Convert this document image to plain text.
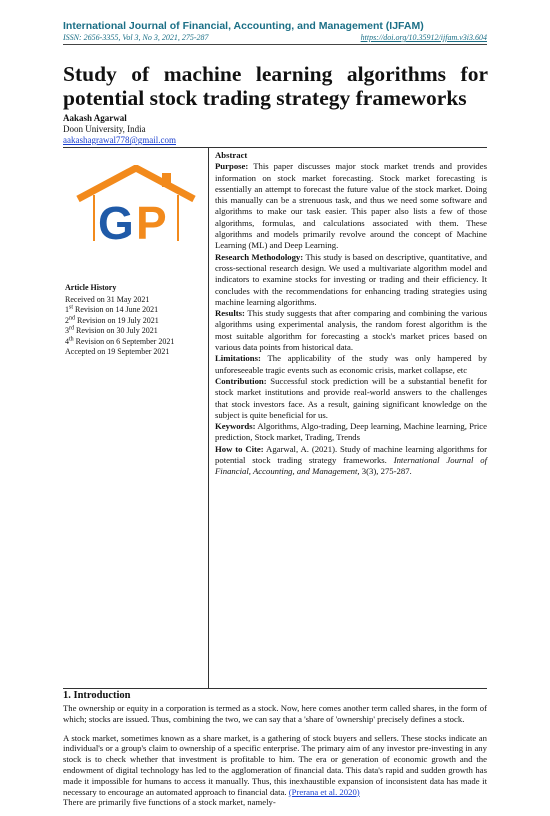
International Journal of Financial, Accounting, and Management (IJFAM)
ISSN: 2656-3355, Vol 3, No 3, 2021, 275-287	https://doi.org/10.35912/ijfam.v3i3.604
Study of machine learning algorithms for potential stock trading strategy frameworks
Aakash Agarwal
Doon University, India
aakashagrawal778@gmail.com
G P
Article History
Received on 31 May 2021
1st Revision on 14 June 2021
2nd Revision on 19 July 2021
3rd Revision on 30 July 2021
4th Revision on 6 September 2021
Accepted on 19 September 2021
Abstract

Purpose: This paper discusses major stock market trends and provides information on stock market forecasting. Stock market forecasting is essentially an attempt to forecast the future value of the stock market. Doing this manually can be a strenuous task, and thus we need some software and algorithms to make our task easier. This paper also lists a few of those algorithms, formulas, and calculations associated with them. These algorithms and models primarily revolve around the concept of Machine Learning (ML) and Deep Learning.

Research Methodology: This study is based on descriptive, quantitative, and cross-sectional research design. We used a multivariate algorithm model and indicators to examine stocks for investing or trading and their efficiency. It concludes with the recommendations for enhancing trading strategies using machine learning algorithms.

Results: This study suggests that after comparing and combining the various algorithms using experimental analysis, the random forest algorithm is the most suitable algorithm for forecasting a stock's market prices based on various data points from historical data.

Limitations: The applicability of the study was only hampered by unforeseeable tragic events such as economic crisis, market collapse, etc

Contribution: Successful stock prediction will be a substantial benefit for stock market institutions and provide real-world answers to the challenges that stock investors face. As a result, gaining significant knowledge on the subject is quite beneficial for us.

Keywords: Algorithms, Algo-trading, Deep learning, Machine learning, Price prediction, Stock market, Trading, Trends

How to Cite: Agarwal, A. (2021). Study of machine learning algorithms for potential stock trading strategy frameworks. International Journal of Financial, Accounting, and Management, 3(3), 275-287.

1. Introduction

The ownership or equity in a corporation is termed as a stock. Now, here comes another term called shares, in the form of which; stocks are issued. Thus, combining the two, we can say that a 'share of 'ownership' precisely defines a stock.

A stock market, sometimes known as a share market, is a gathering of stock buyers and sellers. These stocks indicate an individual's or a group's claim to ownership of a specific enterprise. The primary aim of any investor pre-investing in any stock is to check whether that investment is profitable to him. The era or generation of economic growth and the endowment of digital technology has led to the agglomeration of financial data. This data's rapid and sudden growth has made it impossible for humans to access it manually. Thus, this inexhaustible expansion of inconsistent data has made it necessary to encourage an automated approach to financial data. (Prerana et al. 2020)

There are primarily five functions of a stock market, namely-
